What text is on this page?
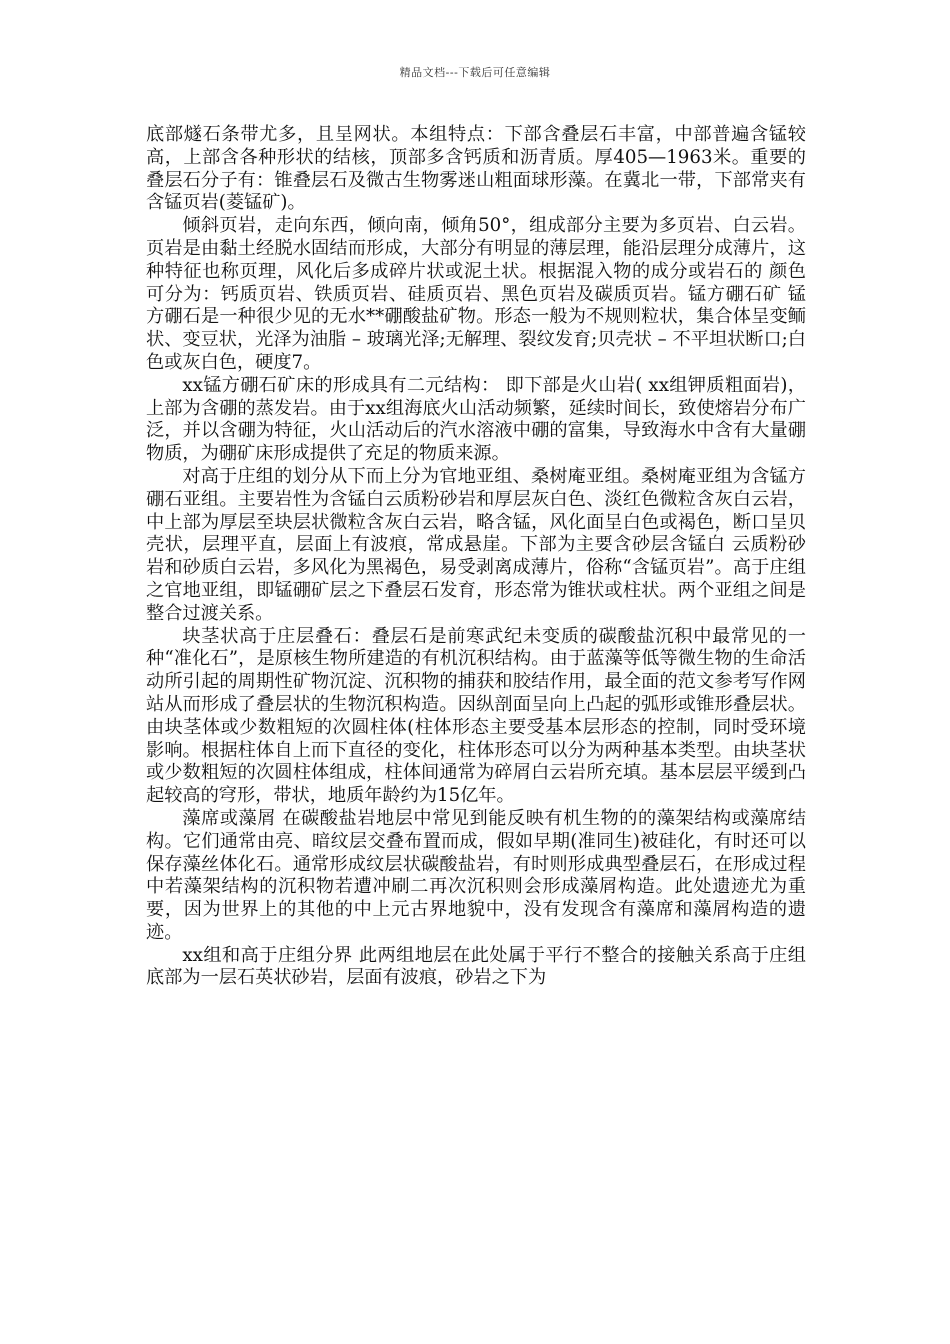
精品文档---下载后可任意编辑

底部燧石条带尤多，且呈网状。本组特点：下部含叠层石丰富，中部普遍含锰较高，上部含各种形状的结核，顶部多含钙质和沥青质。厚405—1963米。重要的叠层石分子有：锥叠层石及微古生物雾迷山粗面球形藻。在冀北一带，下部常夹有含锰页岩(菱锰矿)。

倾斜页岩，走向东西，倾向南，倾角50°，组成部分主要为多页岩、白云岩。页岩是由黏土经脱水固结而形成，大部分有明显的薄层理，能沿层理分成薄片，这种特征也称页理，风化后多成碎片状或泥土状。根据混入物的成分或岩石的 颜色可分为：钙质页岩、铁质页岩、硅质页岩、黑色页岩及碳质页岩。锰方硼石矿 锰方硼石是一种很少见的无水**硼酸盐矿物。形态一般为不规则粒状，集合体呈变鲕状、变豆状，光泽为油脂 – 玻璃光泽;无解理、裂纹发育;贝壳状 – 不平坦状断口;白色或灰白色，硬度7。

xx锰方硼石矿床的形成具有二元结构： 即下部是火山岩( xx组钾质粗面岩)，上部为含硼的蒸发岩。由于xx组海底火山活动频繁，延续时间长，致使熔岩分布广泛，并以含硼为特征，火山活动后的汽水溶液中硼的富集，导致海水中含有大量硼物质，为硼矿床形成提供了充足的物质来源。

对高于庄组的划分从下而上分为官地亚组、桑树庵亚组。桑树庵亚组为含锰方硼石亚组。主要岩性为含锰白云质粉砂岩和厚层灰白色、淡红色微粒含灰白云岩，中上部为厚层至块层状微粒含灰白云岩，略含锰，风化面呈白色或褐色，断口呈贝壳状，层理平直，层面上有波痕，常成悬崖。下部为主要含砂层含锰白 云质粉砂岩和砂质白云岩，多风化为黑褐色，易受剥离成薄片，俗称“含锰页岩”。高于庄组之官地亚组，即锰硼矿层之下叠层石发育，形态常为锥状或柱状。两个亚组之间是整合过渡关系。

块茎状高于庄层叠石：叠层石是前寒武纪未变质的碳酸盐沉积中最常见的一种“准化石”，是原核生物所建造的有机沉积结构。由于蓝藻等低等微生物的生命活动所引起的周期性矿物沉淀、沉积物的捕获和胶结作用，最全面的范文参考写作网站从而形成了叠层状的生物沉积构造。因纵剖面呈向上凸起的弧形或锥形叠层状。由块茎体或少数粗短的次圆柱体(柱体形态主要受基本层形态的控制，同时受环境影响。根据柱体自上而下直径的变化，柱体形态可以分为两种基本类型。由块茎状或少数粗短的次圆柱体组成，柱体间通常为碎屑白云岩所充填。基本层层平缓到凸起较高的穹形，带状，地质年龄约为15亿年。

藻席或藻屑 在碳酸盐岩地层中常见到能反映有机生物的的藻架结构或藻席结构。它们通常由亮、暗纹层交叠布置而成，假如早期(准同生)被硅化，有时还可以保存藻丝体化石。通常形成纹层状碳酸盐岩，有时则形成典型叠层石，在形成过程中若藻架结构的沉积物若遭冲刷二再次沉积则会形成藻屑构造。此处遗迹尤为重要，因为世界上的其他的中上元古界地貌中，没有发现含有藻席和藻屑构造的遗迹。

xx组和高于庄组分界 此两组地层在此处属于平行不整合的接触关系高于庄组底部为一层石英状砂岩，层面有波痕，砂岩之下为
